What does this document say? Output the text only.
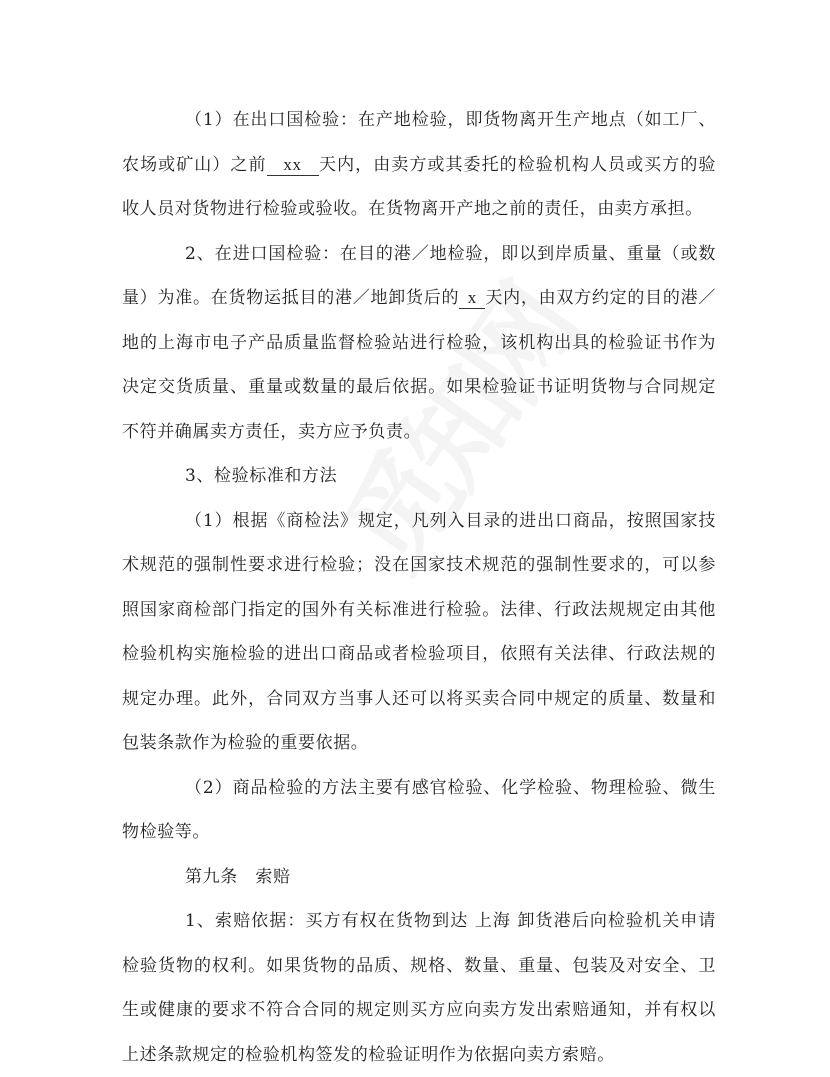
（1）在出口国检验：在产地检验，即货物离开生产地点（如工厂、农场或矿山）之前 xx 天内，由卖方或其委托的检验机构人员或买方的验收人员对货物进行检验或验收。在货物离开产地之前的责任，由卖方承担。

2、在进口国检验：在目的港／地检验，即以到岸质量、重量（或数量）为准。在货物运抵目的港／地卸货后的 x 天内，由双方约定的目的港／地的上海市电子产品质量监督检验站进行检验，该机构出具的检验证书作为决定交货质量、重量或数量的最后依据。如果检验证书证明货物与合同规定不符并确属卖方责任，卖方应予负责。

3、检验标准和方法

（1）根据《商检法》规定，凡列入目录的进出口商品，按照国家技术规范的强制性要求进行检验；没在国家技术规范的强制性要求的，可以参照国家商检部门指定的国外有关标准进行检验。法律、行政法规规定由其他检验机构实施检验的进出口商品或者检验项目，依照有关法律、行政法规的规定办理。此外，合同双方当事人还可以将买卖合同中规定的质量、数量和包装条款作为检验的重要依据。

（2）商品检验的方法主要有感官检验、化学检验、物理检验、微生物检验等。

第九条　索赔

1、索赔依据：买方有权在货物到达 上海 卸货港后向检验机关申请检验货物的权利。如果货物的品质、规格、数量、重量、包装及对安全、卫生或健康的要求不符合合同的规定则买方应向卖方发出索赔通知，并有权以上述条款规定的检验机构签发的检验证明作为依据向卖方索赔。
